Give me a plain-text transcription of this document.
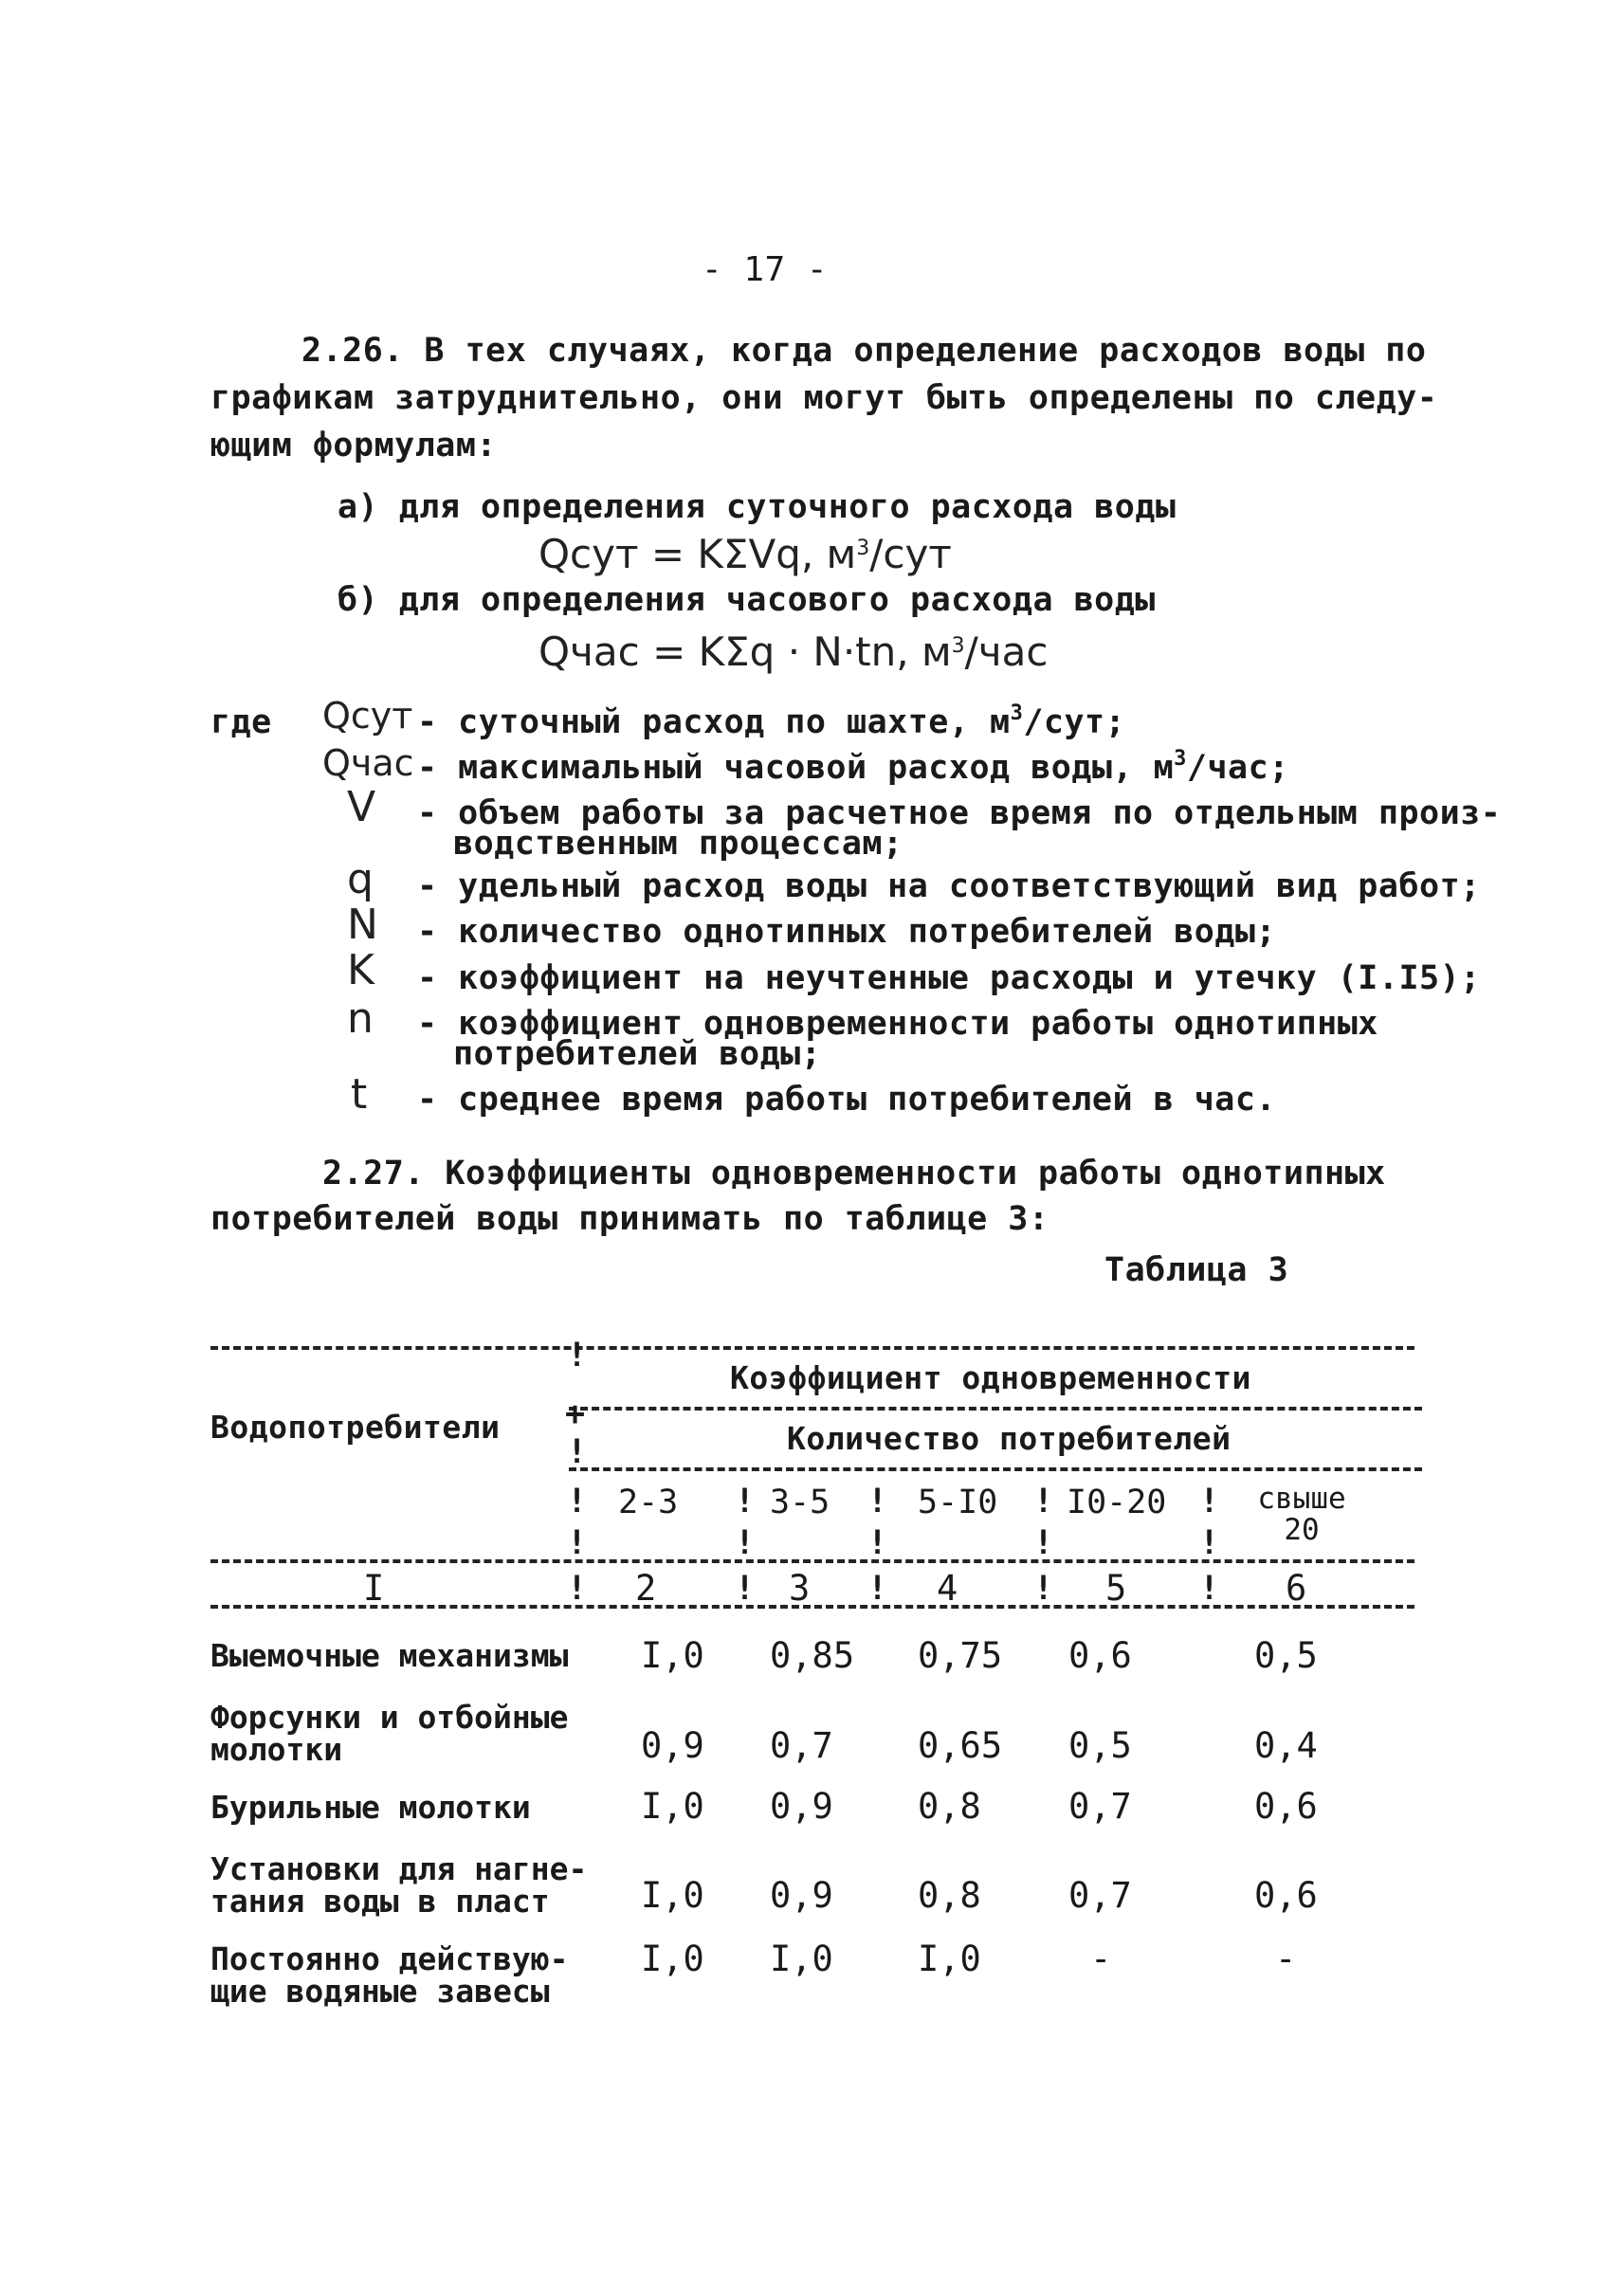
- 17 -
2.26. В тех случаях, когда определение расходов воды по
графикам затруднительно, они могут быть определены по следу-
ющим формулам:
а) для определения суточного расхода воды
Qсут = KΣVq, $м^3$/сут
б) для определения часового расхода воды
Qчас = KΣq · N·tn, $м^3$/час
где Qсут - суточный расход по шахте, $м^3$/сут;
Qчас - максимальный часовой расход воды, $м^3$/час;
V - объем работы за расчетное время по отдельным произ-
водственным процессам;
q - удельный расход воды на соответствующий вид работ;
N - количество однотипных потребителей воды;
K - коэффициент на неучтенные расходы и утечку (I.I5);
n - коэффициент одновременности работы однотипных
потребителей воды;
t - среднее время работы потребителей в час.
2.27. Коэффициенты одновременности работы однотипных
потребителей воды принимать по таблице 3:
Таблица 3
!
+
!
!
!
!
!
!
!
!
!
!
!
!
!
!
!
!
Водопотребители
Коэффициент одновременности
Количество потребителей
2-3	3-5	5-I0 I0-20	свыше 20
I	2	3	4	5	6
Выемочные механизмы I,0 0,85 0,75 0,6	0,5
Форсунки и отбойные
молотки	0,9 0,7 0,65 0,5	0,4
Бурильные молотки	I,0 0,9 0,8 0,7	0,6
Установки для нагне-
тания воды в пласт	I,0 0,9 0,8 0,7	0,6
Постоянно действую-
щие водяные завесы
I,0 I,0 I,0	-	-
